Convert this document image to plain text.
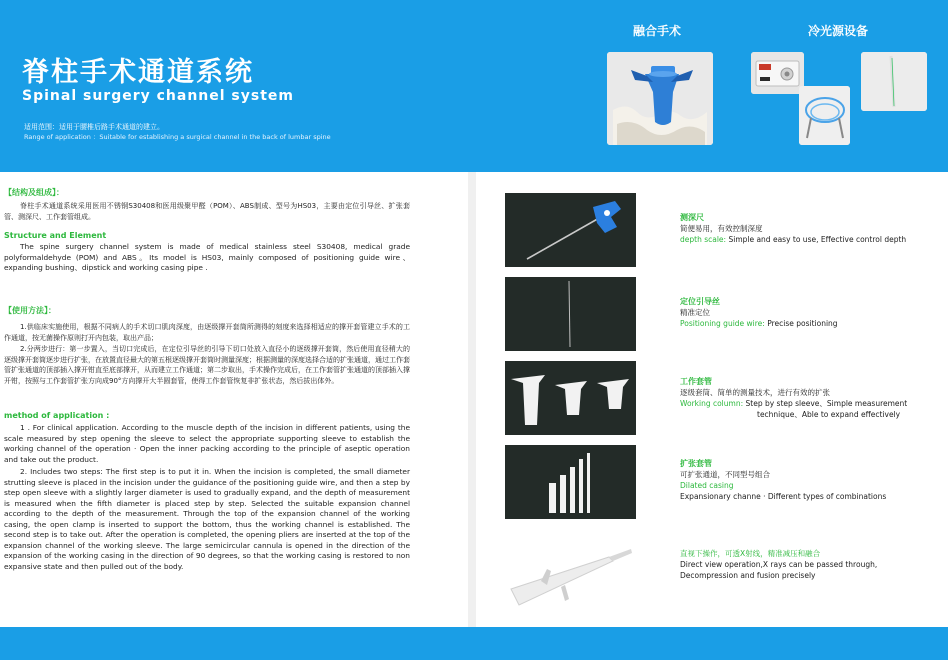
脊柱手术通道系统
Spinal surgery channel system
适用范围：适用于腰椎后路手术通道的建立。
Range of application ：Suitable for establishing a surgical channel in the back of lumbar spine
融合手术	冷光源设备
【结构及组成】：
脊柱手术通道系统采用医用不锈钢S30408和医用级聚甲醛（POM）、ABS制成、型号为HS03，主要由定位引导丝、扩张套管、测深尺、工作套管组成。
Structure and Element
The spine surgery channel system is made of medical stainless steel S30408, medical grade polyformaldehyde (POM) and ABS。Its model is HS03, mainly composed of positioning guide wire、 expanding bushing、dipstick and working casing pipe .
【使用方法】：
1.供临床实施使用，根据不同病人的手术切口肌肉深度，由逐级撑开套筒所测得的刻度来选择相适应的撑开套管建立手术的工作通道，按无菌操作原则打开内包装，取出产品；
2.分两步进行：第一步置入，当切口完成后，在定位引导丝的引导下切口处放入直径小的逐级撑开套筒，然后使用直径稍大的逐级撑开套筒逐步进行扩张，在放置直径最大的第五根逐级撑开套筒时测量深度；根据测量的深度选择合适的扩张通道，通过工作套管扩张通道的顶部插入撑开钳直至底部撑开，从而建立工作通道；第二步取出，手术操作完成后，在工作套管扩张通道的顶部插入撑开钳，按照与工作套管扩张方向成90°方向撑开大半圆套管，使得工作套管恢复非扩张状态，然后拔出体外。
method of application :
1 . For clinical application. According to the muscle depth of the incision in different patients, using the scale measured by step opening the sleeve to select the appropriate supporting sleeve to establish the working channel of the operation · Open the inner packing according to the principle of aseptic operation and take out the product.
2. Includes two steps: The first step is to put it in. When the incision is completed, the small diameter strutting sleeve is placed in the incision under the guidance of the positioning guide wire, and then a step by step open sleeve with a slightly larger diameter is used to gradually expand, and the depth of measurement is measured when the fifth diameter is placed step by step. Selected the suitable expansion channel according to the depth of the measurement. Through the top of the expansion channel of the working casing, the open clamp is inserted to support the bottom, thus the working channel is established. The second step is to take out. After the operation is completed, the opening pliers are inserted at the top of the expansion channel of the working sleeve. The large semicircular cannula is opened in the direction of the expansion of the working casing in the direction of 90 degrees, so that the working casing is restored to non expansive state and then pulled out of the body.
测深尺
简便易用，有效控制深度
depth scale: Simple and easy to use, Effective control depth
定位引导丝
精准定位
Positioning guide wire: Precise positioning
工作套管
逐级套筒、简单的测量技术，进行有效的扩张
Working column: Step by step sleeve、Simple measurement
technique、Able to expand effectively
扩张套管
可扩张通道，不同型号组合
Dilated casing
Expansionary channe · Different types of combinations
直视下操作，可透X射线，精准减压和融合
Direct view operation,X rays can be passed through,
Decompression and fusion precisely
